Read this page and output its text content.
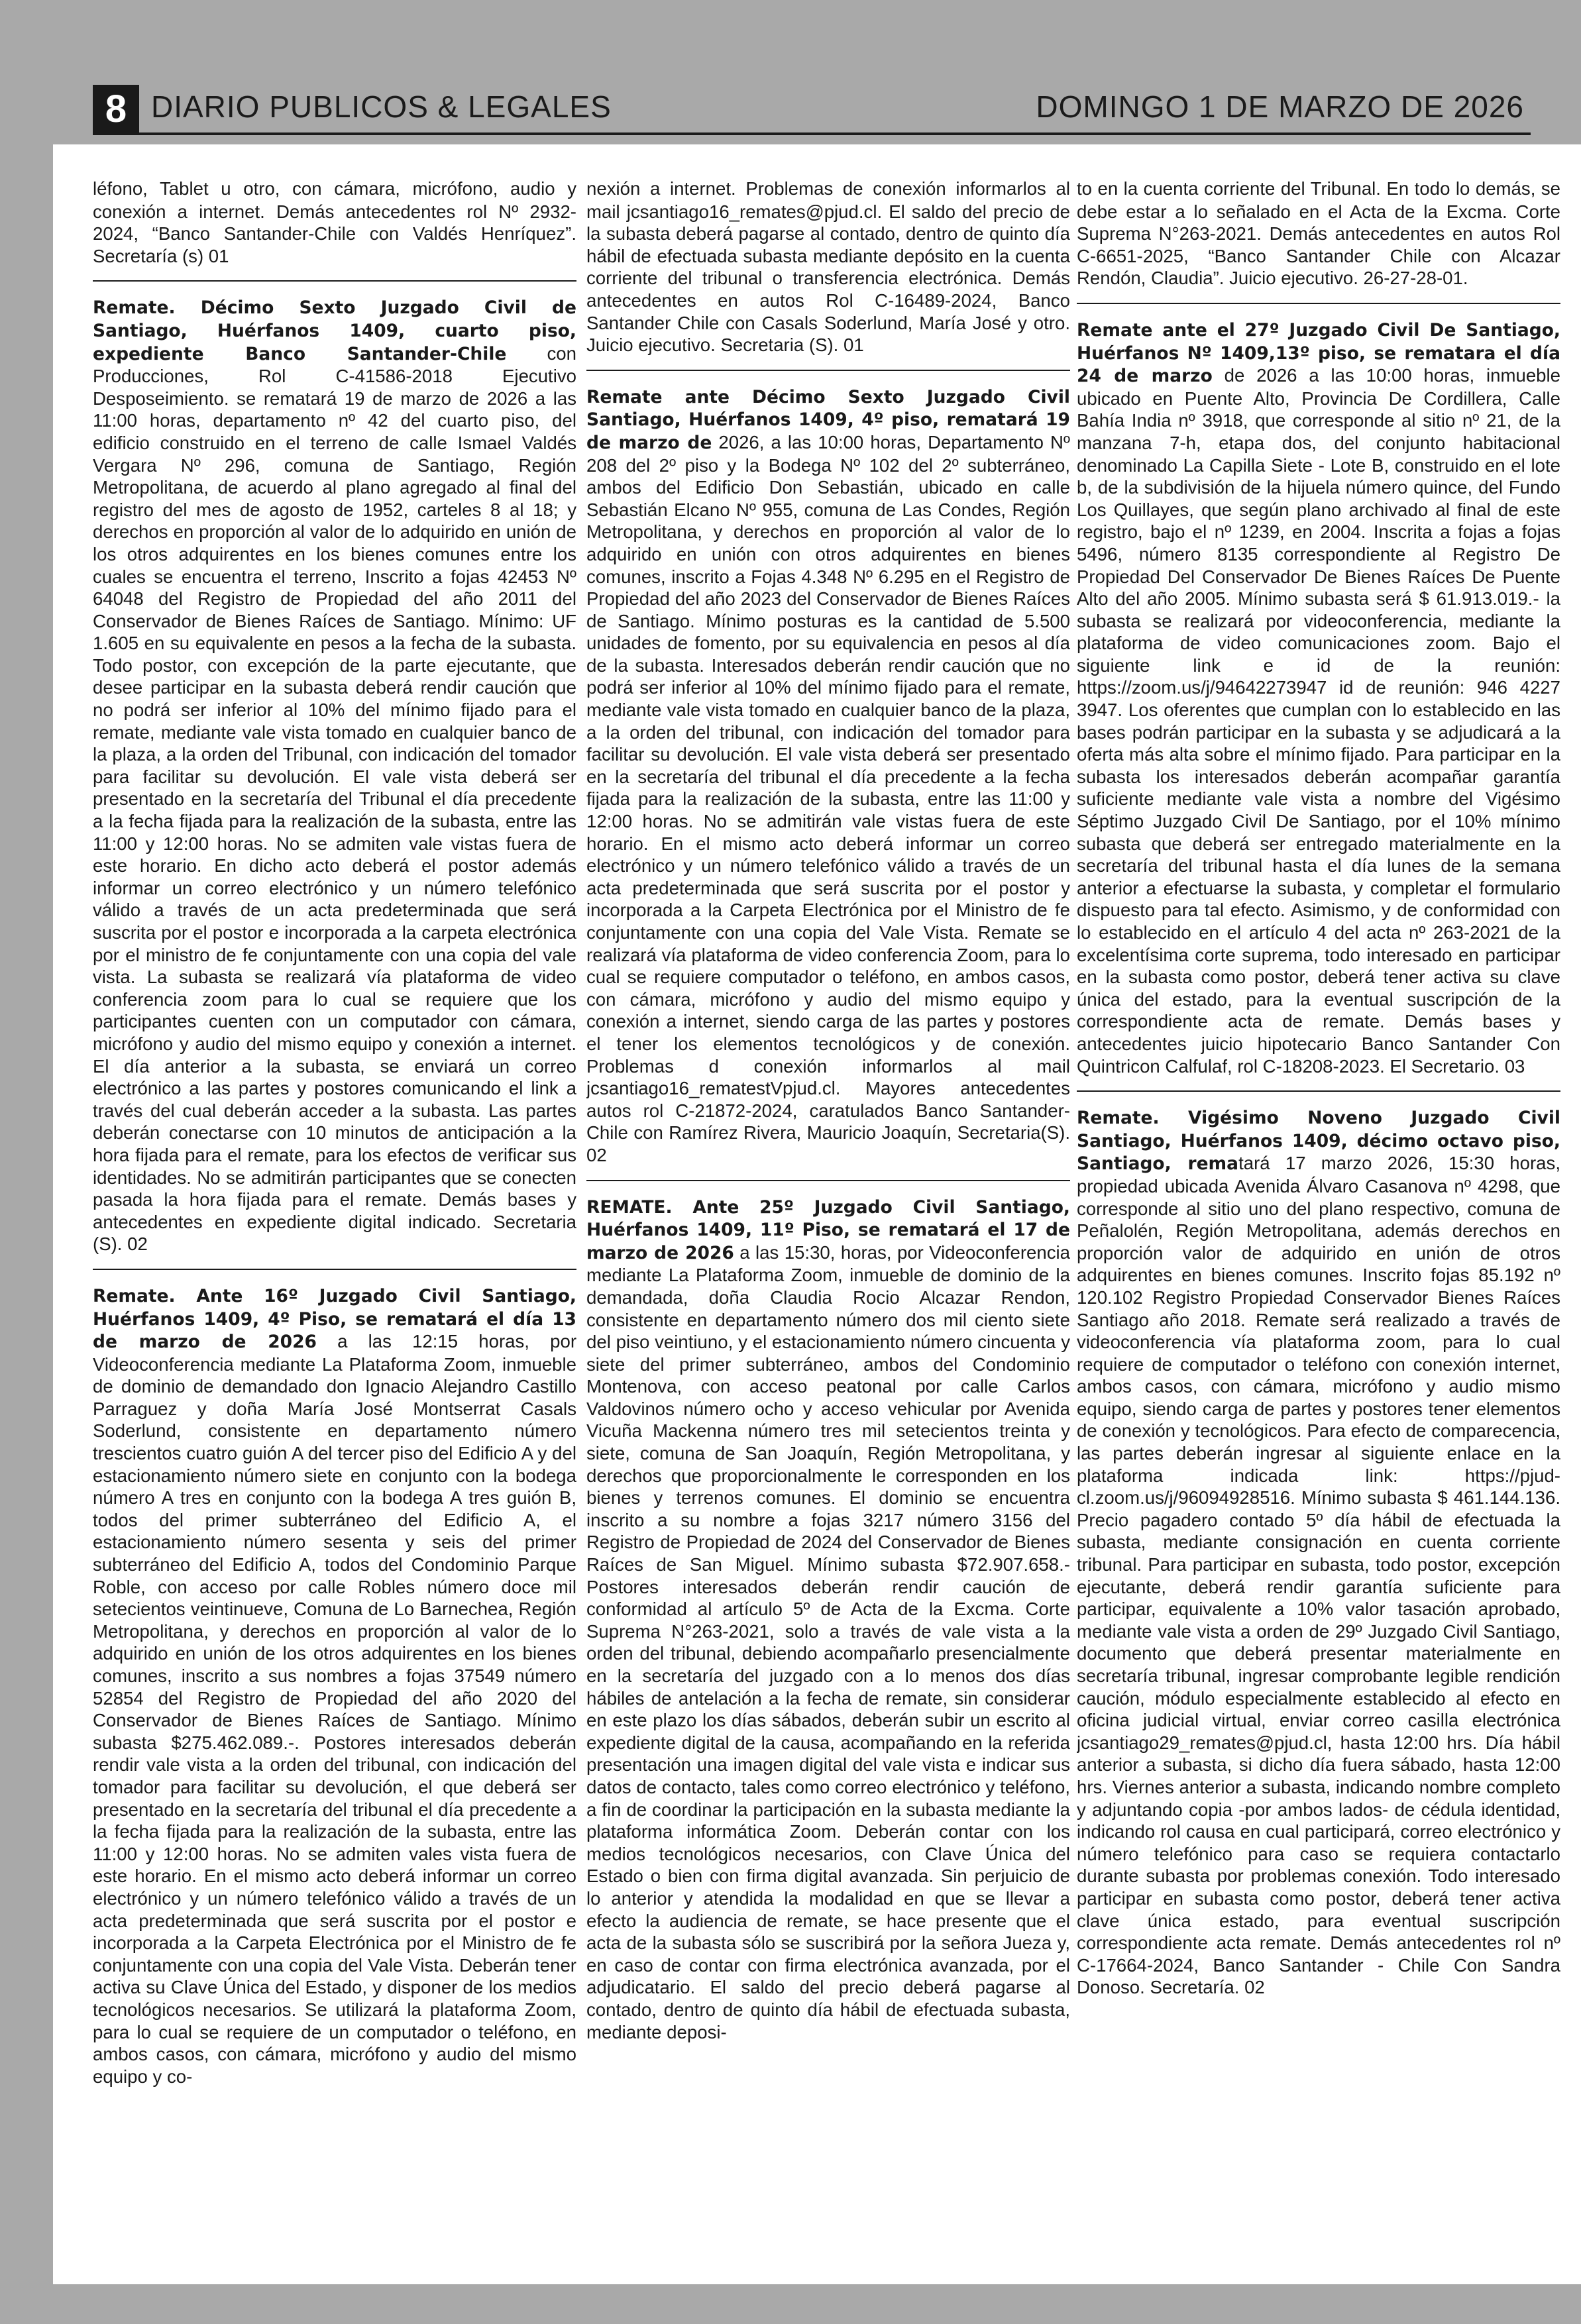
8 DIARIO PUBLICOS & LEGALES	DOMINGO 1 DE MARZO DE 2026

léfono, Tablet u otro, con cámara, micrófono, audio y conexión a internet. Demás antecedentes rol Nº 2932-2024, “Banco Santander-Chile con Valdés Henríquez”. Secretaría (s) 01

Remate. Décimo Sexto Juzgado Civil de Santiago, Huérfanos 1409, cuarto piso, expediente Banco Santander-Chile con Producciones, Rol C-41586-2018 Ejecutivo Desposeimiento. se rematará 19 de marzo de 2026 a las 11:00 horas, departamento nº 42 del cuarto piso, del edificio construido en el terreno de calle Ismael Valdés Vergara Nº 296, comuna de Santiago, Región Metropolitana, de acuerdo al plano agregado al final del registro del mes de agosto de 1952, carteles 8 al 18; y derechos en proporción al valor de lo adquirido en unión de los otros adquirentes en los bienes comunes entre los cuales se encuentra el terreno, Inscrito a fojas 42453 Nº 64048 del Registro de Propiedad del año 2011 del Conservador de Bienes Raíces de Santiago. Mínimo: UF 1.605 en su equivalente en pesos a la fecha de la subasta. Todo postor, con excepción de la parte ejecutante, que desee participar en la subasta deberá rendir caución que no podrá ser inferior al 10% del mínimo fijado para el remate, mediante vale vista tomado en cualquier banco de la plaza, a la orden del Tribunal, con indicación del tomador para facilitar su devolución. El vale vista deberá ser presentado en la secretaría del Tribunal el día precedente a la fecha fijada para la realización de la subasta, entre las 11:00 y 12:00 horas. No se admiten vale vistas fuera de este horario. En dicho acto deberá el postor además informar un correo electrónico y un número telefónico válido a través de un acta predeterminada que será suscrita por el postor e incorporada a la carpeta electrónica por el ministro de fe conjuntamente con una copia del vale vista. La subasta se realizará vía plataforma de video conferencia zoom para lo cual se requiere que los participantes cuenten con un computador con cámara, micrófono y audio del mismo equipo y conexión a internet. El día anterior a la subasta, se enviará un correo electrónico a las partes y postores comunicando el link a través del cual deberán acceder a la subasta. Las partes deberán conectarse con 10 minutos de anticipación a la hora fijada para el remate, para los efectos de verificar sus identidades. No se admitirán participantes que se conecten pasada la hora fijada para el remate. Demás bases y antecedentes en expediente digital indicado. Secretaria (S). 02

Remate. Ante 16º Juzgado Civil Santiago, Huérfanos 1409, 4º Piso, se rematará el día 13 de marzo de 2026 a las 12:15 horas, por Videoconferencia mediante La Plataforma Zoom, inmueble de dominio de demandado don Ignacio Alejandro Castillo Parraguez y doña María José Montserrat Casals Soderlund, consistente en departamento número trescientos cuatro guión A del tercer piso del Edificio A y del estacionamiento número siete en conjunto con la bodega número A tres en conjunto con la bodega A tres guión B, todos del primer subterráneo del Edificio A, el estacionamiento número sesenta y seis del primer subterráneo del Edificio A, todos del Condominio Parque Roble, con acceso por calle Robles número doce mil setecientos veintinueve, Comuna de Lo Barnechea, Región Metropolitana, y derechos en proporción al valor de lo adquirido en unión de los otros adquirentes en los bienes comunes, inscrito a sus nombres a fojas 37549 número 52854 del Registro de Propiedad del año 2020 del Conservador de Bienes Raíces de Santiago. Mínimo subasta $275.462.089.-. Postores interesados deberán rendir vale vista a la orden del tribunal, con indicación del tomador para facilitar su devolución, el que deberá ser presentado en la secretaría del tribunal el día precedente a la fecha fijada para la realización de la subasta, entre las 11:00 y 12:00 horas. No se admiten vales vista fuera de este horario. En el mismo acto deberá informar un correo electrónico y un número telefónico válido a través de un acta predeterminada que será suscrita por el postor e incorporada a la Carpeta Electrónica por el Ministro de fe conjuntamente con una copia del Vale Vista. Deberán tener activa su Clave Única del Estado, y disponer de los medios tecnológicos necesarios. Se utilizará la plataforma Zoom, para lo cual se requiere de un computador o teléfono, en ambos casos, con cámara, micrófono y audio del mismo equipo y co-

nexión a internet. Problemas de conexión informarlos al mail jcsantiago16_remates@pjud.cl. El saldo del precio de la subasta deberá pagarse al contado, dentro de quinto día hábil de efectuada subasta mediante depósito en la cuenta corriente del tribunal o transferencia electrónica. Demás antecedentes en autos Rol C-16489-2024, Banco Santander Chile con Casals Soderlund, María José y otro. Juicio ejecutivo. Secretaria (S). 01

Remate ante Décimo Sexto Juzgado Civil Santiago, Huérfanos 1409, 4º piso, rematará 19 de marzo de 2026, a las 10:00 horas, Departamento Nº 208 del 2º piso y la Bodega Nº 102 del 2º subterráneo, ambos del Edificio Don Sebastián, ubicado en calle Sebastián Elcano Nº 955, comuna de Las Condes, Región Metropolitana, y derechos en proporción al valor de lo adquirido en unión con otros adquirentes en bienes comunes, inscrito a Fojas 4.348 Nº 6.295 en el Registro de Propiedad del año 2023 del Conservador de Bienes Raíces de Santiago. Mínimo posturas es la cantidad de 5.500 unidades de fomento, por su equivalencia en pesos al día de la subasta. Interesados deberán rendir caución que no podrá ser inferior al 10% del mínimo fijado para el remate, mediante vale vista tomado en cualquier banco de la plaza, a la orden del tribunal, con indicación del tomador para facilitar su devolución. El vale vista deberá ser presentado en la secretaría del tribunal el día precedente a la fecha fijada para la realización de la subasta, entre las 11:00 y 12:00 horas. No se admitirán vale vistas fuera de este horario. En el mismo acto deberá informar un correo electrónico y un número telefónico válido a través de un acta predeterminada que será suscrita por el postor y incorporada a la Carpeta Electrónica por el Ministro de fe conjuntamente con una copia del Vale Vista. Remate se realizará vía plataforma de video conferencia Zoom, para lo cual se requiere computador o teléfono, en ambos casos, con cámara, micrófono y audio del mismo equipo y conexión a internet, siendo carga de las partes y postores el tener los elementos tecnológicos y de conexión. Problemas d conexión informarlos al mail jcsantiago16_rematestVpjud.cl. Mayores antecedentes autos rol C-21872-2024, caratulados Banco Santander-Chile con Ramírez Rivera, Mauricio Joaquín, Secretaria(S). 02

REMATE. Ante 25º Juzgado Civil Santiago, Huérfanos 1409, 11º Piso, se rematará el 17 de marzo de 2026 a las 15:30, horas, por Videoconferencia mediante La Plataforma Zoom, inmueble de dominio de la demandada, doña Claudia Rocio Alcazar Rendon, consistente en departamento número dos mil ciento siete del piso veintiuno, y el estacionamiento número cincuenta y siete del primer subterráneo, ambos del Condominio Montenova, con acceso peatonal por calle Carlos Valdovinos número ocho y acceso vehicular por Avenida Vicuña Mackenna número tres mil setecientos treinta y siete, comuna de San Joaquín, Región Metropolitana, y derechos que proporcionalmente le corresponden en los bienes y terrenos comunes. El dominio se encuentra inscrito a su nombre a fojas 3217 número 3156 del Registro de Propiedad de 2024 del Conservador de Bienes Raíces de San Miguel. Mínimo subasta $72.907.658.- Postores interesados deberán rendir caución de conformidad al artículo 5º de Acta de la Excma. Corte Suprema N°263-2021, solo a través de vale vista a la orden del tribunal, debiendo acompañarlo presencialmente en la secretaría del juzgado con a lo menos dos días hábiles de antelación a la fecha de remate, sin considerar en este plazo los días sábados, deberán subir un escrito al expediente digital de la causa, acompañando en la referida presentación una imagen digital del vale vista e indicar sus datos de contacto, tales como correo electrónico y teléfono, a fin de coordinar la participación en la subasta mediante la plataforma informática Zoom. Deberán contar con los medios tecnológicos necesarios, con Clave Única del Estado o bien con firma digital avanzada. Sin perjuicio de lo anterior y atendida la modalidad en que se llevar a efecto la audiencia de remate, se hace presente que el acta de la subasta sólo se suscribirá por la señora Jueza y, en caso de contar con firma electrónica avanzada, por el adjudicatario. El saldo del precio deberá pagarse al contado, dentro de quinto día hábil de efectuada subasta, mediante deposi-

to en la cuenta corriente del Tribunal. En todo lo demás, se debe estar a lo señalado en el Acta de la Excma. Corte Suprema N°263-2021. Demás antecedentes en autos Rol C-6651-2025, “Banco Santander Chile con Alcazar Rendón, Claudia”. Juicio ejecutivo. 26-27-28-01.

Remate ante el 27º Juzgado Civil De Santiago, Huérfanos Nº 1409,13º piso, se rematara el día 24 de marzo de 2026 a las 10:00 horas, inmueble ubicado en Puente Alto, Provincia De Cordillera, Calle Bahía India nº 3918, que corresponde al sitio nº 21, de la manzana 7-h, etapa dos, del conjunto habitacional denominado La Capilla Siete - Lote B, construido en el lote b, de la subdivisión de la hijuela número quince, del Fundo Los Quillayes, que según plano archivado al final de este registro, bajo el nº 1239, en 2004. Inscrita a fojas a fojas 5496, número 8135 correspondiente al Registro De Propiedad Del Conservador De Bienes Raíces De Puente Alto del año 2005. Mínimo subasta será $ 61.913.019.- la subasta se realizará por videoconferencia, mediante la plataforma de video comunicaciones zoom. Bajo el siguiente link e id de la reunión: https://zoom.us/j/94642273947 id de reunión: 946 4227 3947. Los oferentes que cumplan con lo establecido en las bases podrán participar en la subasta y se adjudicará a la oferta más alta sobre el mínimo fijado. Para participar en la subasta los interesados deberán acompañar garantía suficiente mediante vale vista a nombre del Vigésimo Séptimo Juzgado Civil De Santiago, por el 10% mínimo subasta que deberá ser entregado materialmente en la secretaría del tribunal hasta el día lunes de la semana anterior a efectuarse la subasta, y completar el formulario dispuesto para tal efecto. Asimismo, y de conformidad con lo establecido en el artículo 4 del acta nº 263-2021 de la excelentísima corte suprema, todo interesado en participar en la subasta como postor, deberá tener activa su clave única del estado, para la eventual suscripción de la correspondiente acta de remate. Demás bases y antecedentes juicio hipotecario Banco Santander Con Quintricon Calfulaf, rol C-18208-2023. El Secretario. 03

Remate. Vigésimo Noveno Juzgado Civil Santiago, Huérfanos 1409, décimo octavo piso, Santiago, rematará 17 marzo 2026, 15:30 horas, propiedad ubicada Avenida Álvaro Casanova nº 4298, que corresponde al sitio uno del plano respectivo, comuna de Peñalolén, Región Metropolitana, además derechos en proporción valor de adquirido en unión de otros adquirentes en bienes comunes. Inscrito fojas 85.192 nº 120.102 Registro Propiedad Conservador Bienes Raíces Santiago año 2018. Remate será realizado a través de videoconferencia vía plataforma zoom, para lo cual requiere de computador o teléfono con conexión internet, ambos casos, con cámara, micrófono y audio mismo equipo, siendo carga de partes y postores tener elementos de conexión y tecnológicos. Para efecto de comparecencia, las partes deberán ingresar al siguiente enlace en la plataforma indicada link: https://pjud-cl.zoom.us/j/96094928516. Mínimo subasta $ 461.144.136. Precio pagadero contado 5º día hábil de efectuada la subasta, mediante consignación en cuenta corriente tribunal. Para participar en subasta, todo postor, excepción ejecutante, deberá rendir garantía suficiente para participar, equivalente a 10% valor tasación aprobado, mediante vale vista a orden de 29º Juzgado Civil Santiago, documento que deberá presentar materialmente en secretaría tribunal, ingresar comprobante legible rendición caución, módulo especialmente establecido al efecto en oficina judicial virtual, enviar correo casilla electrónica jcsantiago29_remates@pjud.cl, hasta 12:00 hrs. Día hábil anterior a subasta, si dicho día fuera sábado, hasta 12:00 hrs. Viernes anterior a subasta, indicando nombre completo y adjuntando copia -por ambos lados- de cédula identidad, indicando rol causa en cual participará, correo electrónico y número telefónico para caso se requiera contactarlo durante subasta por problemas conexión. Todo interesado participar en subasta como postor, deberá tener activa clave única estado, para eventual suscripción correspondiente acta remate. Demás antecedentes rol nº C-17664-2024, Banco Santander - Chile Con Sandra Donoso. Secretaría. 02
